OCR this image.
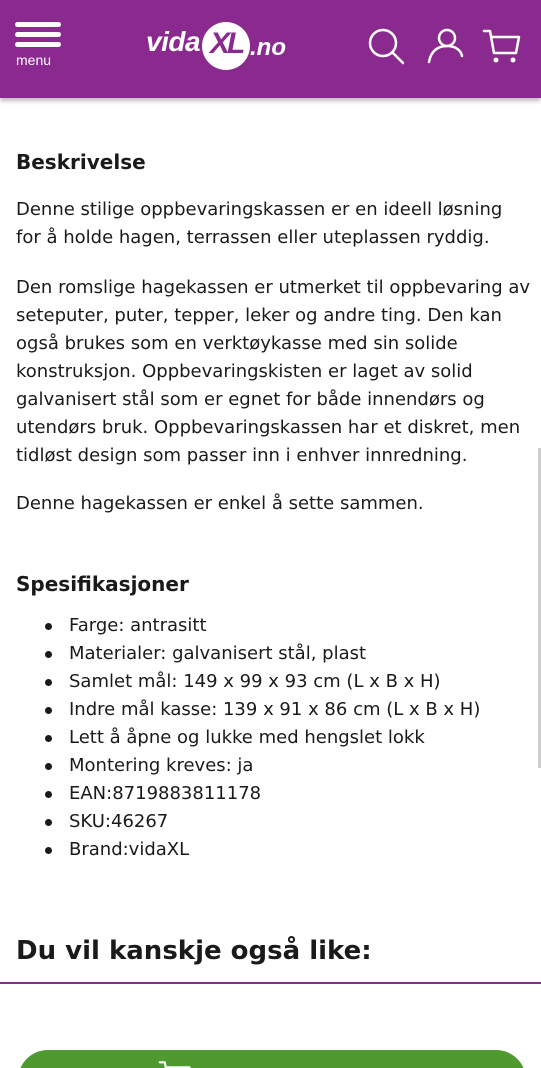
menu
vida XL .no
Beskrivelse

Denne stilige oppbevaringskassen er en ideell løsning for å holde hagen, terrassen eller uteplassen ryddig.

Den romslige hagekassen er utmerket til oppbevaring av seteputer, puter, tepper, leker og andre ting. Den kan også brukes som en verktøykasse med sin solide konstruksjon. Oppbevaringskisten er laget av solid galvanisert stål som er egnet for både innendørs og utendørs bruk. Oppbevaringskassen har et diskret, men tidløst design som passer inn i enhver innredning.

Denne hagekassen er enkel å sette sammen.

Spesifikasjoner
Farge: antrasitt
Materialer: galvanisert stål, plast
Samlet mål: 149 x 99 x 93 cm (L x B x H)
Indre mål kasse: 139 x 91 x 86 cm (L x B x H)
Lett å åpne og lukke med hengslet lokk
Montering kreves: ja
EAN:8719883811178
SKU:46267
Brand:vidaXL
Du vil kanskje også like:
